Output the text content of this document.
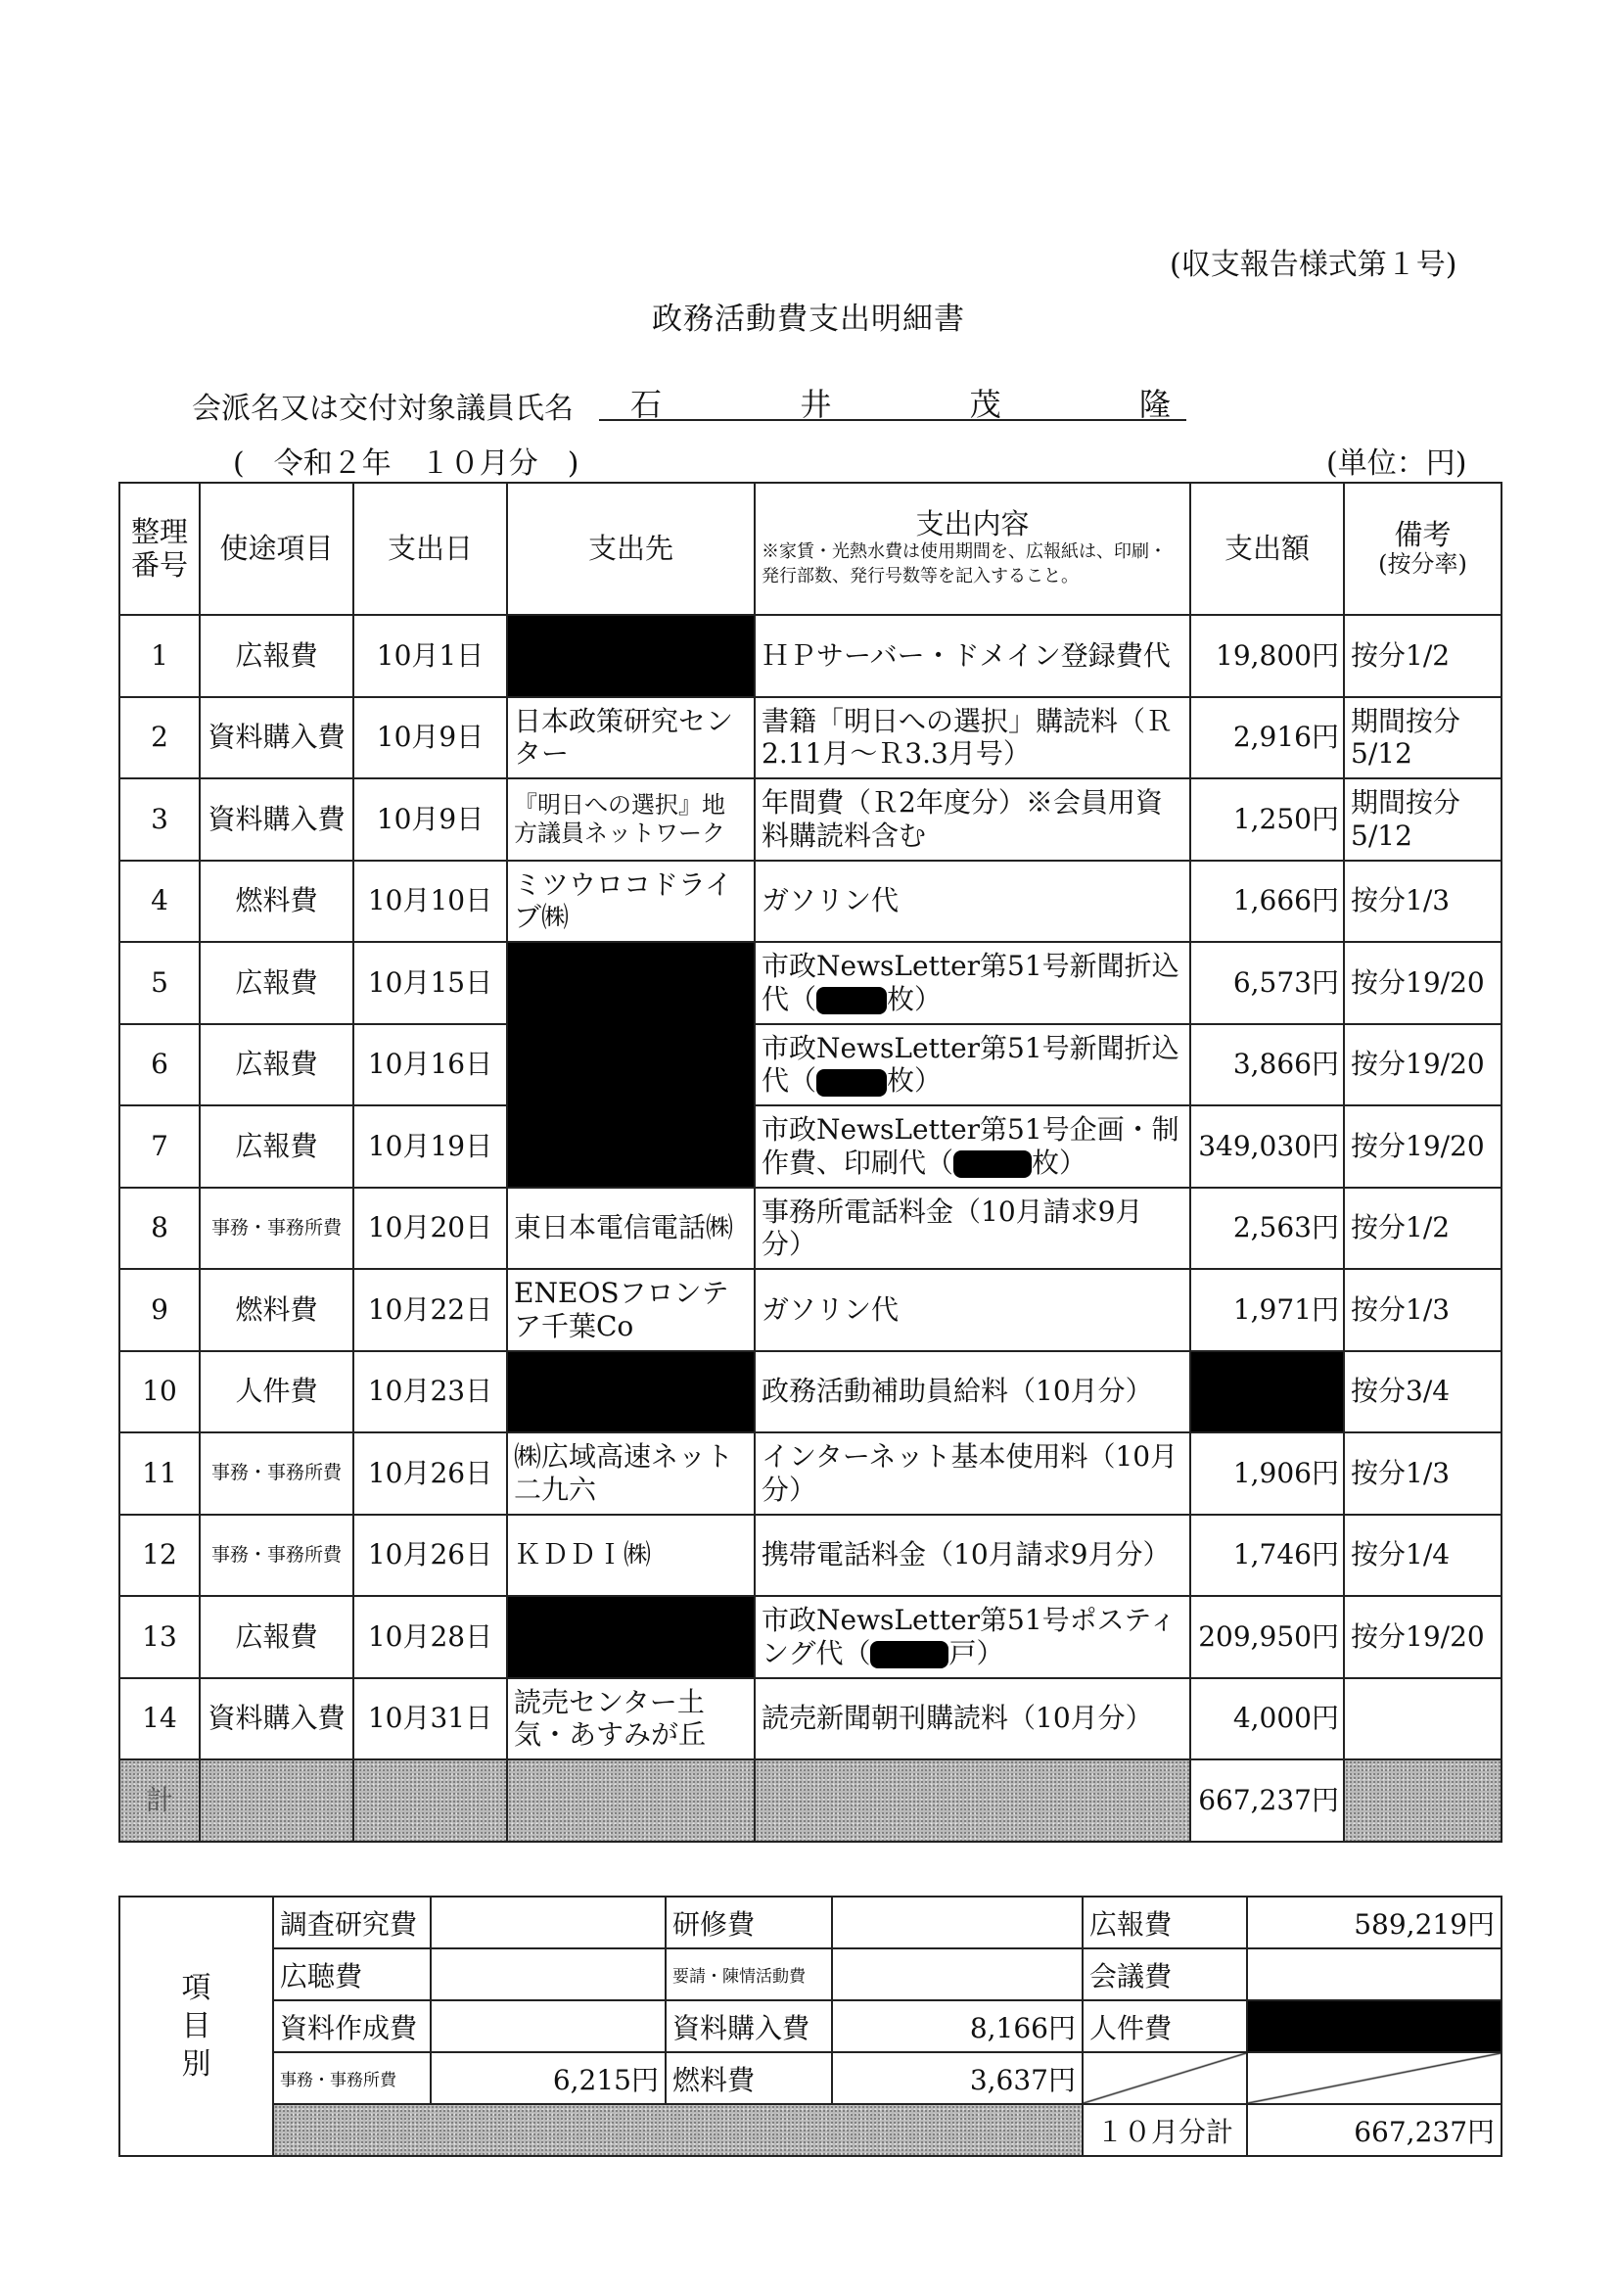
(収支報告様式第１号)
政務活動費支出明細書
会派名又は交付対象議員氏名 石	井	茂	隆
(　令和２年　１０月分　)	(単位：円)
整理番号	使途項目	支出日	支出先	支出内容
※家賃・光熱水費は使用期間を、広報紙は、印刷・発行部数、発行号数等を記入すること。	支出額	備考
(按分率)

1	広報費	10月1日		ＨＰサーバー・ドメイン登録費代	19,800円	按分1/2
2	資料購入費	10月9日	日本政策研究センター	書籍「明日への選択」購読料（Ｒ2.11月～Ｒ3.3月号）	2,916円	期間按分5/12
3	資料購入費	10月9日	『明日への選択』地方議員ネットワーク	年間費（Ｒ2年度分）※会員用資料購読料含む	1,250円	期間按分5/12
4	燃料費	10月10日	ミツウロコドライブ㈱	ガソリン代	1,666円	按分1/3
5	広報費	10月15日		市政NewsLetter第51号新聞折込代（ 枚）	6,573円	按分19/20
6	広報費	10月16日		市政NewsLetter第51号新聞折込代（ 枚）	3,866円	按分19/20
7	広報費	10月19日		市政NewsLetter第51号企画・制作費、印刷代（ 枚）	349,030円	按分19/20
8	事務・事務所費	10月20日	東日本電信電話㈱	事務所電話料金（10月請求9月分）	2,563円	按分1/2
9	燃料費	10月22日	ENEOSフロンテア千葉Co	ガソリン代	1,971円	按分1/3
10	人件費	10月23日		政務活動補助員給料（10月分）		按分3/4
11	事務・事務所費	10月26日	㈱広域高速ネット二九六	インターネット基本使用料（10月分）	1,906円	按分1/3
12	事務・事務所費	10月26日	ＫＤＤＩ㈱	携帯電話料金（10月請求9月分）	1,746円	按分1/4
13	広報費	10月28日		市政NewsLetter第51号ポスティング代（ 戸）	209,950円	按分19/20
14	資料購入費	10月31日	読売センター土気・あすみが丘	読売新聞朝刊購読料（10月分）	4,000円	
計					667,237円	
項目別	調査研究費		研修費		広報費	589,219円
	広聴費		要請・陳情活動費		会議費	
	資料作成費		資料購入費	8,166円	人件費	
	事務・事務所費	6,215円	燃料費	3,637円		
					１０月分計	667,237円
